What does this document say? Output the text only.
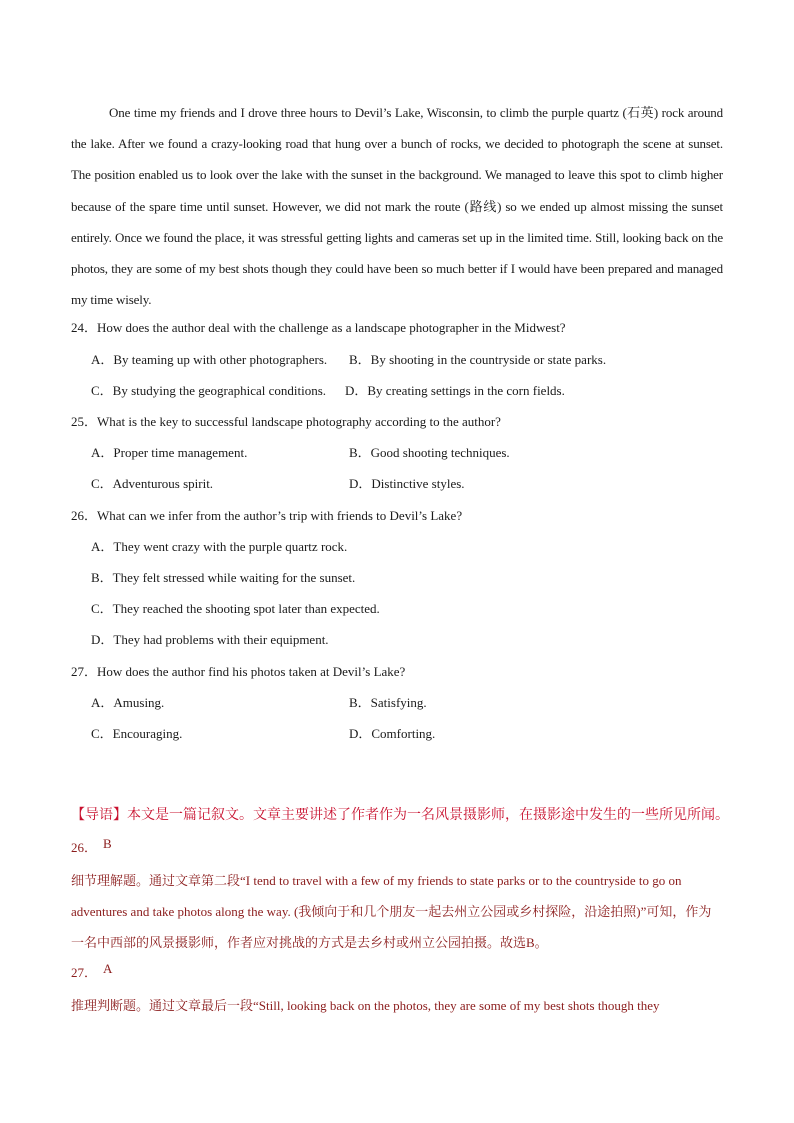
One time my friends and I drove three hours to Devil’s Lake, Wisconsin, to climb the purple quartz (石英) rock around the lake. After we found a crazy-looking road that hung over a bunch of rocks, we decided to photograph the scene at sunset. The position enabled us to look over the lake with the sunset in the background. We managed to leave this spot to climb higher because of the spare time until sunset. However, we did not mark the route (路线) so we ended up almost missing the sunset entirely. Once we found the place, it was stressful getting lights and cameras set up in the limited time. Still, looking back on the photos, they are some of my best shots though they could have been so much better if I would have been prepared and managed my time wisely.

24．How does the author deal with the challenge as a landscape photographer in the Midwest?
A．By teaming up with other photographers. B．By shooting in the countryside or state parks.
C．By studying the geographical conditions. D．By creating settings in the corn fields.
25．What is the key to successful landscape photography according to the author?
A．Proper time management.	B．Good shooting techniques.
C．Adventurous spirit.	D．Distinctive styles.
26．What can we infer from the author’s trip with friends to Devil’s Lake?
A．They went crazy with the purple quartz rock.
B．They felt stressed while waiting for the sunset.
C．They reached the shooting spot later than expected.
D．They had problems with their equipment.
27．How does the author find his photos taken at Devil’s Lake?
A．Amusing.	B．Satisfying.
C．Encouraging.	D．Comforting.
【导语】本文是一篇记叙文。文章主要讲述了作者作为一名风景摄影师，在摄影途中发生的一些所见所闻。
26． B
细节理解题。通过文章第二段“I tend to travel with a few of my friends to state parks or to the countryside to go on adventures and take photos along the way. (我倾向于和几个朋友一起去州立公园或乡村探险，沿途拍照)”可知，作为一名中西部的风景摄影师，作者应对挑战的方式是去乡村或州立公园拍摄。故选B。
27． A
推理判断题。通过文章最后一段“Still, looking back on the photos, they are some of my best shots though they
